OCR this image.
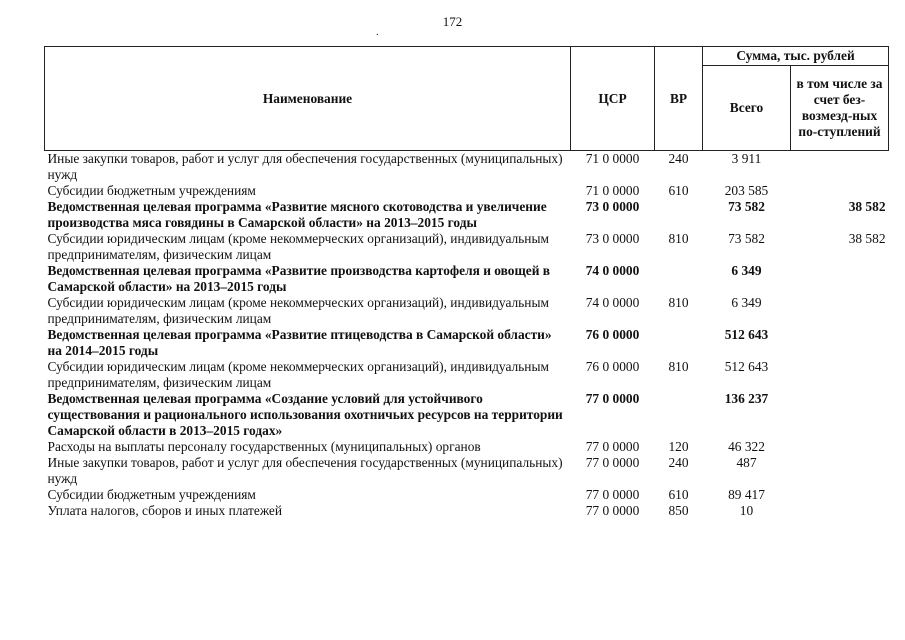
172
.
Наименование	ЦСР	ВР	Сумма, тыс. рублей	
			Всего	в том числе за счет без-возмезд-ных по-ступлений
Иные закупки товаров, работ и услуг для обеспечения государственных (муниципальных) нужд	71 0 0000	240	3 911	
Субсидии бюджетным учреждениям	71 0 0000	610	203 585	
Ведомственная целевая программа «Развитие мясного скотоводства и увеличение производства мяса говядины в Самарской области» на 2013–2015 годы	73 0 0000		73 582	38 582
Субсидии юридическим лицам (кроме некоммерческих организаций), индивидуальным предпринимателям, физическим лицам	73 0 0000	810	73 582	38 582
Ведомственная целевая программа «Развитие производства картофеля и овощей в Самарской области» на 2013–2015 годы	74 0 0000		6 349	
Субсидии юридическим лицам (кроме некоммерческих организаций), индивидуальным предпринимателям, физическим лицам	74 0 0000	810	6 349	
Ведомственная целевая программа «Развитие птицеводства в Самарской области» на 2014–2015 годы	76 0 0000		512 643	
Субсидии юридическим лицам (кроме некоммерческих организаций), индивидуальным предпринимателям, физическим лицам	76 0 0000	810	512 643	
Ведомственная целевая программа «Создание условий для устойчивого существования и рационального использования охотничьих ресурсов на территории Самарской области в 2013–2015 годах»	77 0 0000		136 237	
Расходы на выплаты персоналу государственных (муниципальных) органов	77 0 0000	120	46 322	
Иные закупки товаров, работ и услуг для обеспечения государственных (муниципальных) нужд	77 0 0000	240	487	
Субсидии бюджетным учреждениям	77 0 0000	610	89 417	
Уплата налогов, сборов и иных платежей	77 0 0000	850	10	
